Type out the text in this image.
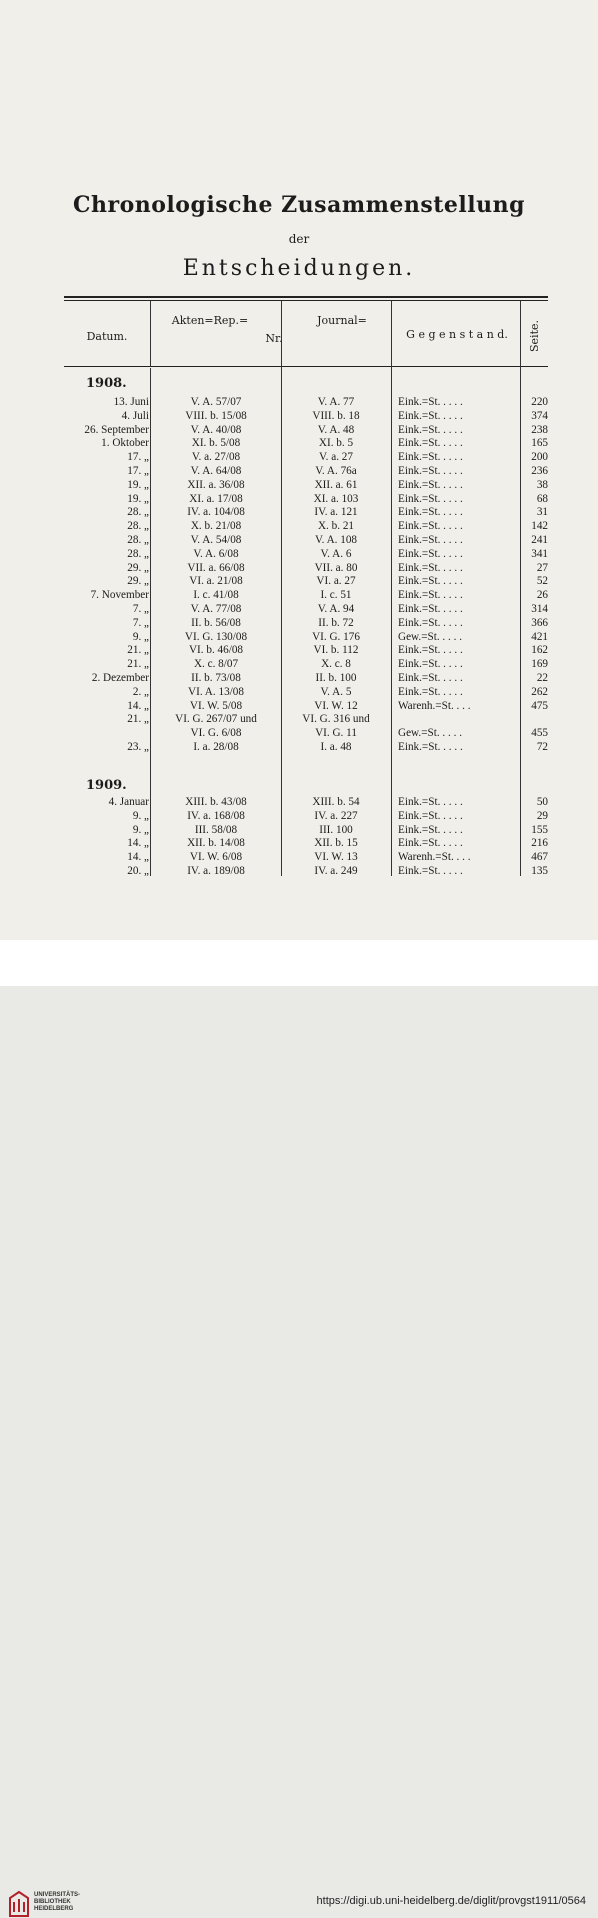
Chronologische Zusammenstellung
der
Entscheidungen.
Datum.
Akten=Rep.=	Journal=
Nr.	G e g e n s t a n d.	Seite.
1908.
13. Juni	V. A. 57/07	V. A. 77	Eink.=St. . . . .	220
4. Juli	VIII. b. 15/08	VIII. b. 18	Eink.=St. . . . .	374
26. September	V. A. 40/08	V. A. 48	Eink.=St. . . . .	238
1. Oktober	XI. b. 5/08	XI. b. 5	Eink.=St. . . . .	165
17. „	V. a. 27/08	V. a. 27	Eink.=St. . . . .	200
17. „	V. A. 64/08	V. A. 76a	Eink.=St. . . . .	236
19. „	XII. a. 36/08	XII. a. 61	Eink.=St. . . . .	38
19. „	XI. a. 17/08	XI. a. 103	Eink.=St. . . . .	68
28. „	IV. a. 104/08	IV. a. 121	Eink.=St. . . . .	31
28. „	X. b. 21/08	X. b. 21	Eink.=St. . . . .	142
28. „	V. A. 54/08	V. A. 108	Eink.=St. . . . .	241
28. „	V. A. 6/08	V. A. 6	Eink.=St. . . . .	341
29. „	VII. a. 66/08	VII. a. 80	Eink.=St. . . . .	27
29. „	VI. a. 21/08	VI. a. 27	Eink.=St. . . . .	52
7. November	I. c. 41/08	I. c. 51	Eink.=St. . . . .	26
7. „	V. A. 77/08	V. A. 94	Eink.=St. . . . .	314
7. „	II. b. 56/08	II. b. 72	Eink.=St. . . . .	366
9. „	VI. G. 130/08	VI. G. 176	Gew.=St. . . . .	421
21. „	VI. b. 46/08	VI. b. 112	Eink.=St. . . . .	162
21. „	X. c. 8/07	X. c. 8	Eink.=St. . . . .	169
2. Dezember	II. b. 73/08	II. b. 100	Eink.=St. . . . .	22
2. „	VI. A. 13/08	V. A. 5	Eink.=St. . . . .	262
14. „	VI. W. 5/08	VI. W. 12	Warenh.=St. . . .	475
21. „	VI. G. 267/07 und	VI. G. 316 und
VI. G. 6/08	VI. G. 11	Gew.=St. . . . .	455
23. „	I. a. 28/08	I. a. 48	Eink.=St. . . . .	72
1909.
4. Januar	XIII. b. 43/08	XIII. b. 54	Eink.=St. . . . .	50
9. „	IV. a. 168/08	IV. a. 227	Eink.=St. . . . .	29
9. „	III. 58/08	III. 100	Eink.=St. . . . .	155
14. „	XII. b. 14/08	XII. b. 15	Eink.=St. . . . .	216
14. „	VI. W. 6/08	VI. W. 13	Warenh.=St. . . .	467
20. „	IV. a. 189/08	IV. a. 249	Eink.=St. . . . .	135
UNIVERSITÄTS-
BIBLIOTHEK
HEIDELBERG
https://digi.ub.uni-heidelberg.de/diglit/provgst1911/0564
